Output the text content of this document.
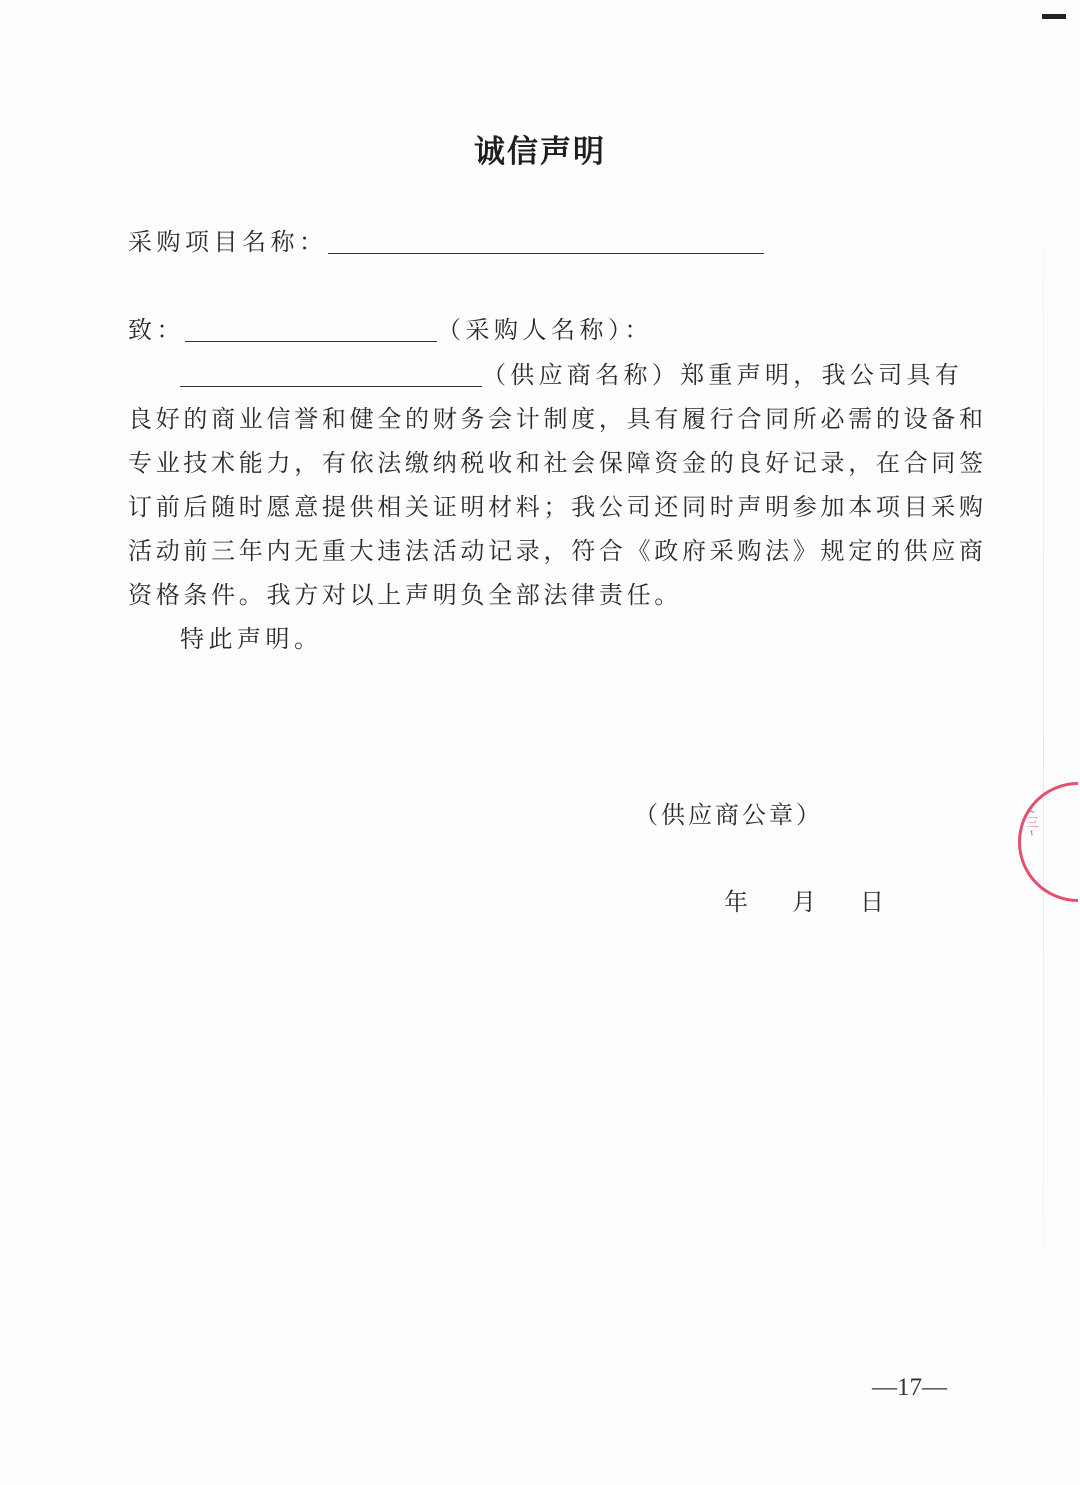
诚信声明
采购项目名称：
致：	（采购人名称）：
（供应商名称）郑重声明，我公司具有
良好的商业信誉和健全的财务会计制度，具有履行合同所必需的设备和
专业技术能力，有依法缴纳税收和社会保障资金的良好记录，在合同签
订前后随时愿意提供相关证明材料；我公司还同时声明参加本项目采购
活动前三年内无重大违法活动记录，符合《政府采购法》规定的供应商
资格条件。我方对以上声明负全部法律责任。
特此声明。
（供应商公章）
年 月 日
ｨ三ｰ
—17—
